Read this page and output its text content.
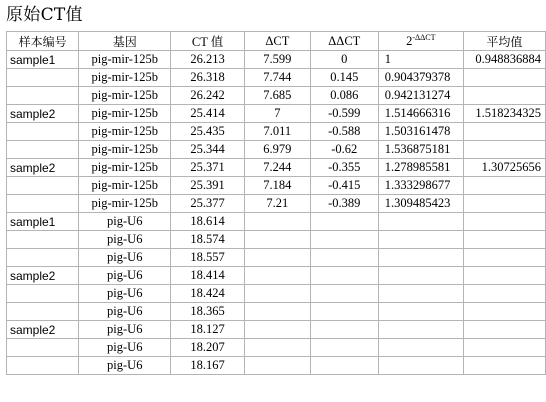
原始CT值
样本编号	基因	CT 值	ΔCT	ΔΔCT	$2^{-\Delta\Delta CT}$	平均值
sample1	pig-mir-125b	26.213	7.599	0	1	0.948836884
	pig-mir-125b	26.318	7.744	0.145	0.904379378	
	pig-mir-125b	26.242	7.685	0.086	0.942131274	
sample2	pig-mir-125b	25.414	7	-0.599	1.514666316	1.518234325
	pig-mir-125b	25.435	7.011	-0.588	1.503161478	
	pig-mir-125b	25.344	6.979	-0.62	1.536875181	
sample2	pig-mir-125b	25.371	7.244	-0.355	1.278985581	1.30725656
	pig-mir-125b	25.391	7.184	-0.415	1.333298677	
	pig-mir-125b	25.377	7.21	-0.389	1.309485423	
sample1	pig-U6	18.614				
	pig-U6	18.574				
	pig-U6	18.557				
sample2	pig-U6	18.414				
	pig-U6	18.424				
	pig-U6	18.365				
sample2	pig-U6	18.127				
	pig-U6	18.207				
	pig-U6	18.167				
